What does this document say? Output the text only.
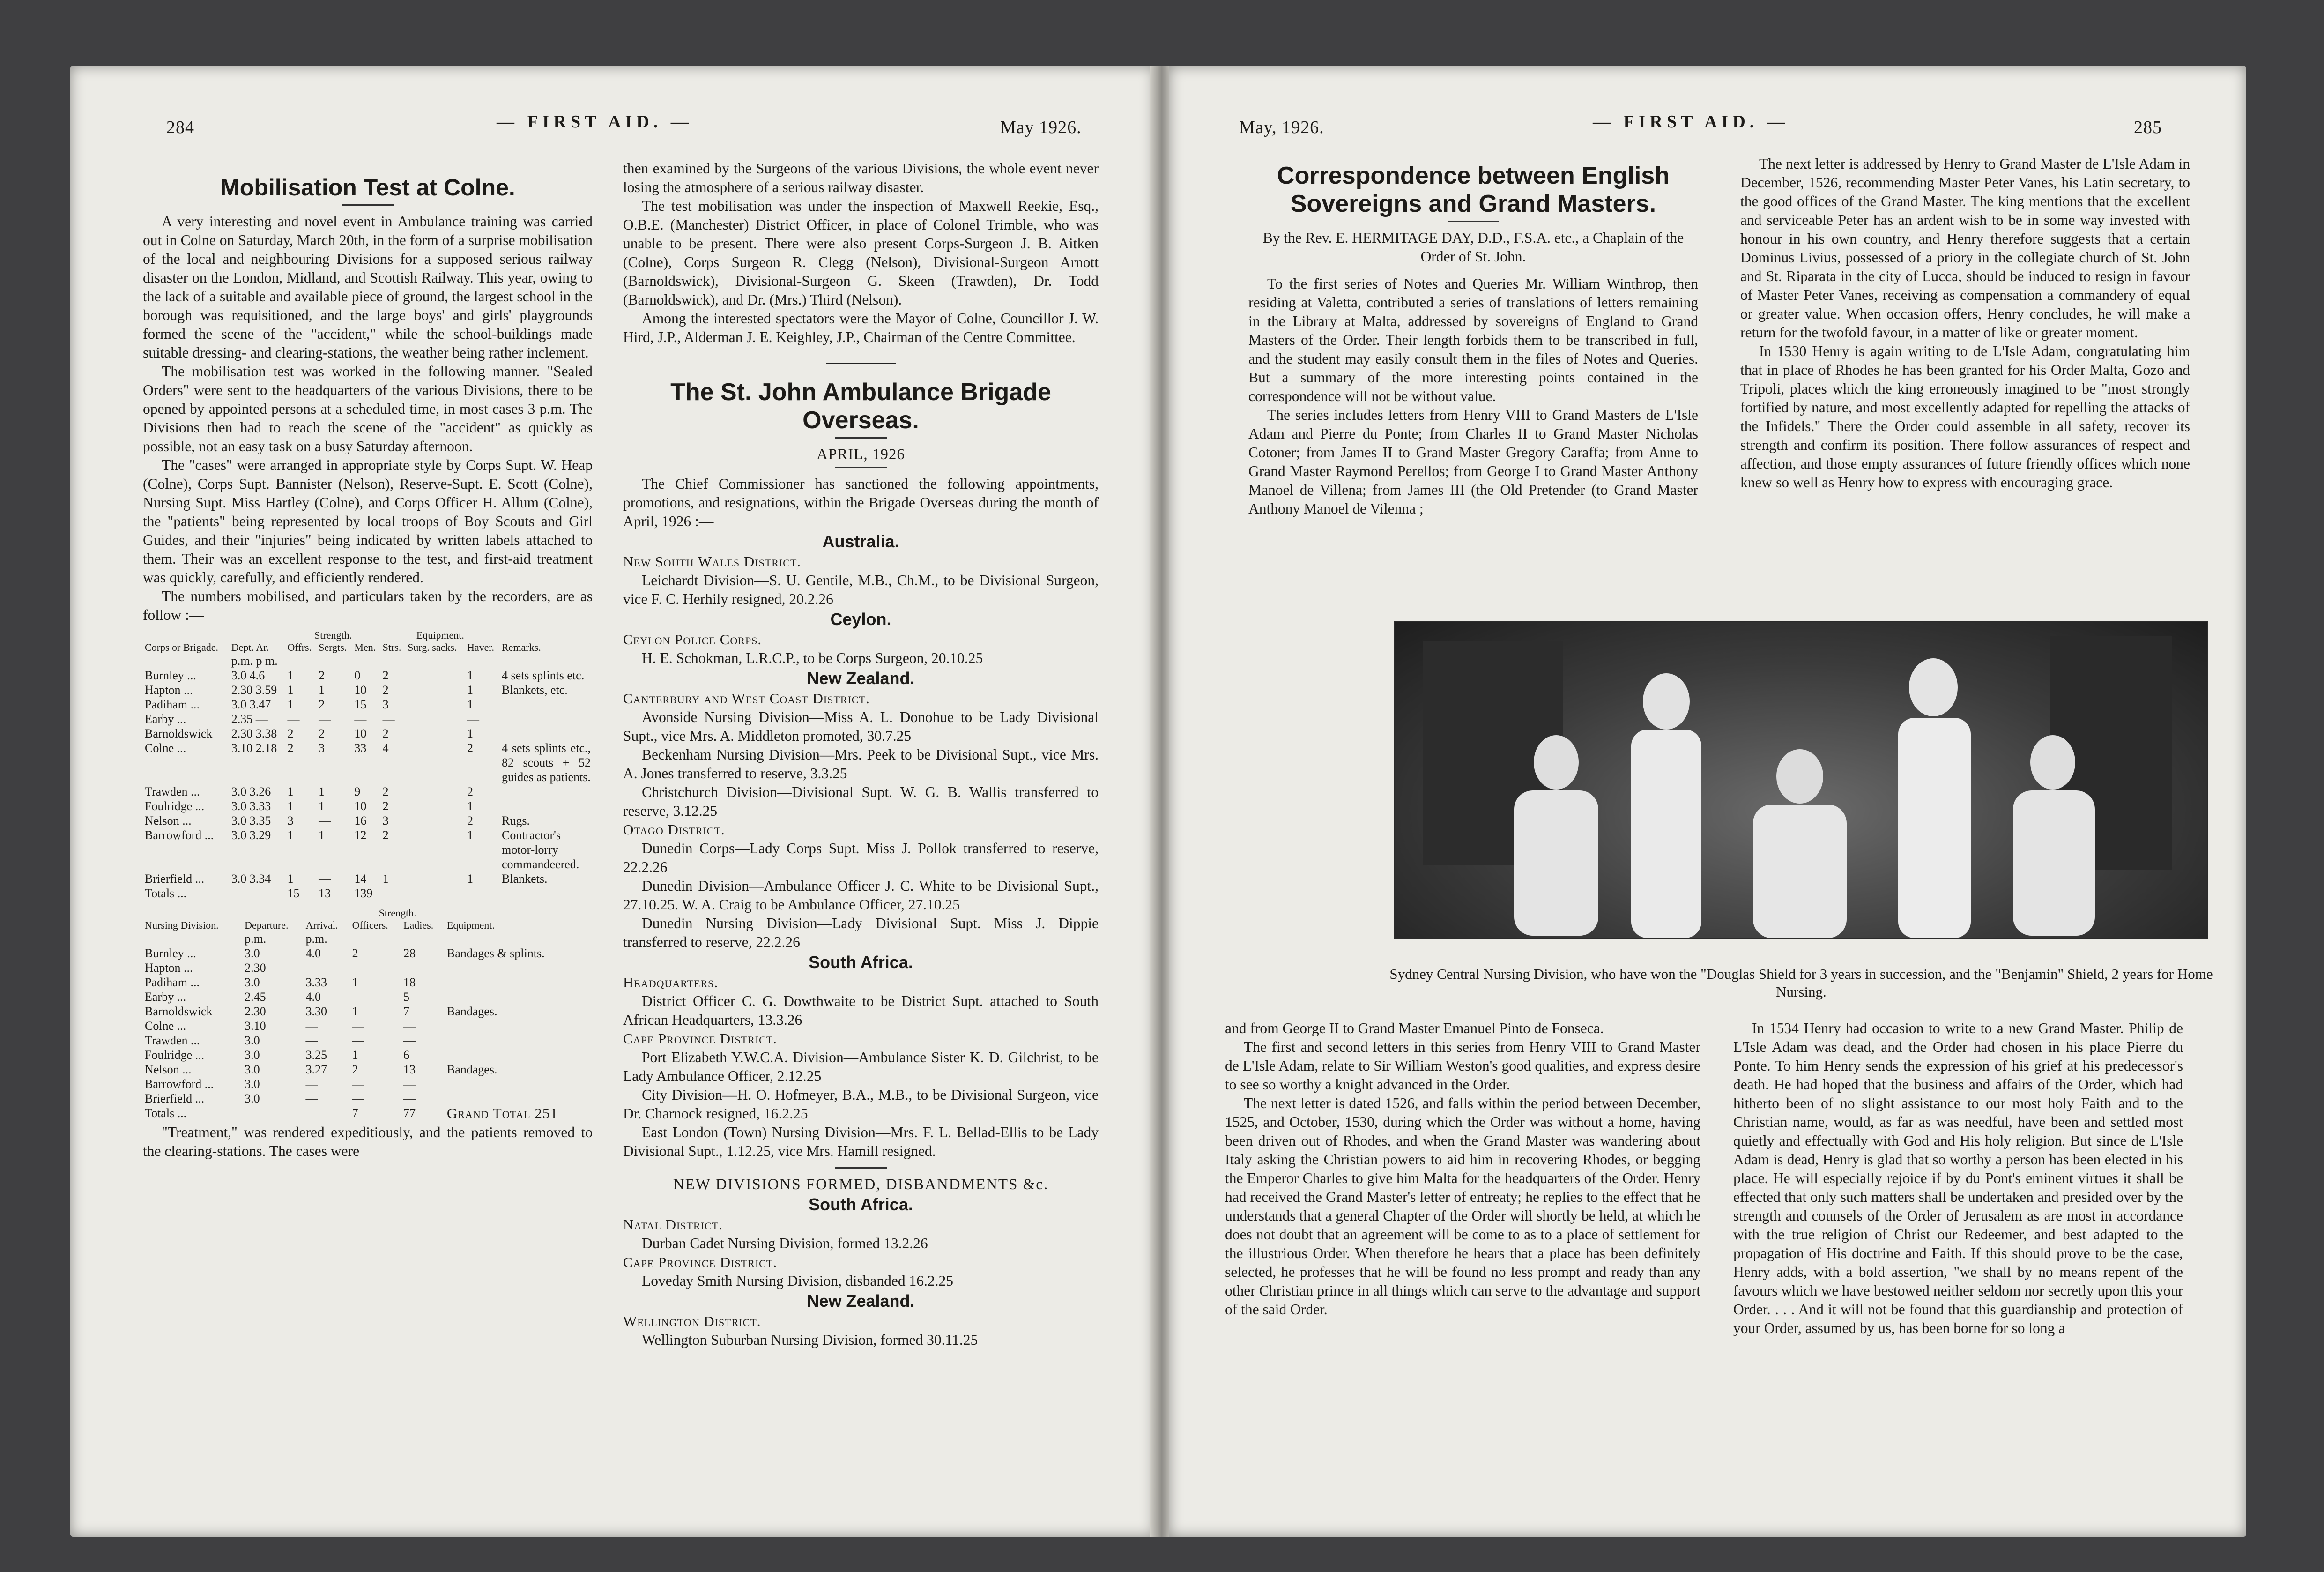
284	— FIRST AID. —	May 1926.
Mobilisation Test at Colne.

A very interesting and novel event in Ambulance training was carried out in Colne on Saturday, March 20th, in the form of a surprise mobilisation of the local and neighbouring Divisions for a supposed serious railway disaster on the London, Midland, and Scottish Railway. This year, owing to the lack of a suitable and available piece of ground, the largest school in the borough was requisitioned, and the large boys' and girls' playgrounds formed the scene of the "accident," while the school-buildings made suitable dressing- and clearing-stations, the weather being rather inclement.

The mobilisation test was worked in the following manner. "Sealed Orders" were sent to the headquarters of the various Divisions, there to be opened by appointed persons at a scheduled time, in most cases 3 p.m. The Divisions then had to reach the scene of the "accident" as quickly as possible, not an easy task on a busy Saturday afternoon.

The "cases" were arranged in appropriate style by Corps Supt. W. Heap (Colne), Corps Supt. Bannister (Nelson), Reserve-Supt. E. Scott (Colne), Nursing Supt. Miss Hartley (Colne), and Corps Officer H. Allum (Colne), the "patients" being represented by local troops of Boy Scouts and Girl Guides, and their "injuries" being indicated by written labels attached to them. Their was an excellent response to the test, and first-aid treatment was quickly, carefully, and efficiently rendered.

The numbers mobilised, and particulars taken by the recorders, are as follow :—

		Strength.			Equipment.			
Corps or Brigade.	Dept. Ar.	Offrs.	Sergts.	Men.	Strs.	Surg. sacks.	Haver.	Remarks.
	p.m. p m.							
Burnley ...	3.0 4.6	1	2	0	2		1	4 sets splints etc.
Hapton ...	2.30 3.59	1	1	10	2		1	Blankets, etc.
Padiham ...	3.0 3.47	1	2	15	3		1	
Earby ...	2.35 —	—	—	—	—		—	
Barnoldswick	2.30 3.38	2	2	10	2		1	
Colne ...	3.10 2.18	2	3	33	4		2	4 sets splints etc., 82 scouts + 52 guides as patients.
Trawden ...	3.0 3.26	1	1	9	2		2	
Foulridge ...	3.0 3.33	1	1	10	2		1	
Nelson ...	3.0 3.35	3	—	16	3		2	Rugs.
Barrowford ...	3.0 3.29	1	1	12	2		1	Contractor's motor-lorry commandeered.
Brierfield ...	3.0 3.34	1	—	14	1		1	Blankets.
Totals ...		15	13	139				
			Strength.		
Nursing Division.	Departure.	Arrival.	Officers.	Ladies.	Equipment.
	p.m.	p.m.			
Burnley ...	3.0	4.0	2	28	Bandages & splints.
Hapton ...	2.30	—	—	—	
Padiham ...	3.0	3.33	1	18	
Earby ...	2.45	4.0	—	5	
Barnoldswick	2.30	3.30	1	7	Bandages.
Colne ...	3.10	—	—	—	
Trawden ...	3.0	—	—	—	
Foulridge ...	3.0	3.25	1	6	
Nelson ...	3.0	3.27	2	13	Bandages.
Barrowford ...	3.0	—	—	—	
Brierfield ...	3.0	—	—	—	
Totals ...			7	77	Grand Total 251

"Treatment," was rendered expeditiously, and the patients removed to the clearing-stations. The cases were

then examined by the Surgeons of the various Divisions, the whole event never losing the atmosphere of a serious railway disaster.

The test mobilisation was under the inspection of Maxwell Reekie, Esq., O.B.E. (Manchester) District Officer, in place of Colonel Trimble, who was unable to be present. There were also present Corps-Surgeon J. B. Aitken (Colne), Corps Surgeon R. Clegg (Nelson), Divisional-Surgeon Arnott (Barnoldswick), Divisional-Surgeon G. Skeen (Trawden), Dr. Todd (Barnoldswick), and Dr. (Mrs.) Third (Nelson).

Among the interested spectators were the Mayor of Colne, Councillor J. W. Hird, J.P., Alderman J. E. Keighley, J.P., Chairman of the Centre Committee.

The St. John Ambulance Brigade Overseas.
APRIL, 1926

The Chief Commissioner has sanctioned the following appointments, promotions, and resignations, within the Brigade Overseas during the month of April, 1926 :—

Australia.

New South Wales District.

Leichardt Division—S. U. Gentile, M.B., Ch.M., to be Divisional Surgeon, vice F. C. Herhily resigned, 20.2.26

Ceylon.

Ceylon Police Corps.

H. E. Schokman, L.R.C.P., to be Corps Surgeon, 20.10.25

New Zealand.

Canterbury and West Coast District.

Avonside Nursing Division—Miss A. L. Donohue to be Lady Divisional Supt., vice Mrs. A. Middleton promoted, 30.7.25

Beckenham Nursing Division—Mrs. Peek to be Divisional Supt., vice Mrs. A. Jones transferred to reserve, 3.3.25

Christchurch Division—Divisional Supt. W. G. B. Wallis transferred to reserve, 3.12.25

Otago District.

Dunedin Corps—Lady Corps Supt. Miss J. Pollok transferred to reserve, 22.2.26

Dunedin Division—Ambulance Officer J. C. White to be Divisional Supt., 27.10.25. W. A. Craig to be Ambulance Officer, 27.10.25

Dunedin Nursing Division—Lady Divisional Supt. Miss J. Dippie transferred to reserve, 22.2.26

South Africa.

Headquarters.

District Officer C. G. Dowthwaite to be District Supt. attached to South African Headquarters, 13.3.26

Cape Province District.

Port Elizabeth Y.W.C.A. Division—Ambulance Sister K. D. Gilchrist, to be Lady Ambulance Officer, 2.12.25

City Division—H. O. Hofmeyer, B.A., M.B., to be Divisional Surgeon, vice Dr. Charnock resigned, 16.2.25

East London (Town) Nursing Division—Mrs. F. L. Bellad-Ellis to be Lady Divisional Supt., 1.12.25, vice Mrs. Hamill resigned.

NEW DIVISIONS FORMED, DISBANDMENTS &c.
South Africa.

Natal District.

Durban Cadet Nursing Division, formed 13.2.26

Cape Province District.

Loveday Smith Nursing Division, disbanded 16.2.25

New Zealand.

Wellington District.

Wellington Suburban Nursing Division, formed 30.11.25

May, 1926.	— FIRST AID. —	285
Correspondence between English Sovereigns and Grand Masters.
By the Rev. E. HERMITAGE DAY, D.D., F.S.A. etc., a Chaplain of the Order of St. John.

To the first series of Notes and Queries Mr. William Winthrop, then residing at Valetta, contributed a series of translations of letters remaining in the Library at Malta, addressed by sovereigns of England to Grand Masters of the Order. Their length forbids them to be transcribed in full, and the student may easily consult them in the files of Notes and Queries. But a summary of the more interesting points contained in the correspondence will not be without value.

The series includes letters from Henry VIII to Grand Masters de L'Isle Adam and Pierre du Ponte; from Charles II to Grand Master Nicholas Cotoner; from James II to Grand Master Gregory Caraffa; from Anne to Grand Master Raymond Perellos; from George I to Grand Master Anthony Manoel de Villena; from James III (the Old Pretender (to Grand Master Anthony Manoel de Vilenna ;

The next letter is addressed by Henry to Grand Master de L'Isle Adam in December, 1526, recommending Master Peter Vanes, his Latin secretary, to the good offices of the Grand Master. The king mentions that the excellent and serviceable Peter has an ardent wish to be in some way invested with honour in his own country, and Henry therefore suggests that a certain Dominus Livius, possessed of a priory in the collegiate church of St. John and St. Riparata in the city of Lucca, should be induced to resign in favour of Master Peter Vanes, receiving as compensation a commandery of equal or greater value. When occasion offers, Henry concludes, he will make a return for the twofold favour, in a matter of like or greater moment.

In 1530 Henry is again writing to de L'Isle Adam, congratulating him that in place of Rhodes he has been granted for his Order Malta, Gozo and Tripoli, places which the king erroneously imagined to be "most strongly fortified by nature, and most excellently adapted for repelling the attacks of the Infidels." There the Order could assemble in all safety, recover its strength and confirm its position. There follow assurances of respect and affection, and those empty assurances of future friendly offices which none knew so well as Henry how to express with encouraging grace.

Sydney Central Nursing Division, who have won the "Douglas Shield for 3 years in succession, and the "Benjamin" Shield, 2 years for Home Nursing.

and from George II to Grand Master Emanuel Pinto de Fonseca.

The first and second letters in this series from Henry VIII to Grand Master de L'Isle Adam, relate to Sir William Weston's good qualities, and express desire to see so worthy a knight advanced in the Order.

The next letter is dated 1526, and falls within the period between December, 1525, and October, 1530, during which the Order was without a home, having been driven out of Rhodes, and when the Grand Master was wandering about Italy asking the Christian powers to aid him in recovering Rhodes, or begging the Emperor Charles to give him Malta for the headquarters of the Order. Henry had received the Grand Master's letter of entreaty; he replies to the effect that he understands that a general Chapter of the Order will shortly be held, at which he does not doubt that an agreement will be come to as to a place of settlement for the illustrious Order. When therefore he hears that a place has been definitely selected, he professes that he will be found no less prompt and ready than any other Christian prince in all things which can serve to the advantage and support of the said Order.

In 1534 Henry had occasion to write to a new Grand Master. Philip de L'Isle Adam was dead, and the Order had chosen in his place Pierre du Ponte. To him Henry sends the expression of his grief at his predecessor's death. He had hoped that the business and affairs of the Order, which had hitherto been of no slight assistance to our most holy Faith and to the Christian name, would, as far as was needful, have been and settled most quietly and effectually with God and His holy religion. But since de L'Isle Adam is dead, Henry is glad that so worthy a person has been elected in his place. He will especially rejoice if by du Pont's eminent virtues it shall be effected that only such matters shall be undertaken and presided over by the strength and counsels of the Order of Jerusalem as are most in accordance with the true religion of Christ our Redeemer, and best adapted to the propagation of His doctrine and Faith. If this should prove to be the case, Henry adds, with a bold assertion, "we shall by no means repent of the favours which we have bestowed neither seldom nor secretly upon this your Order. . . . And it will not be found that this guardianship and protection of your Order, assumed by us, has been borne for so long a
